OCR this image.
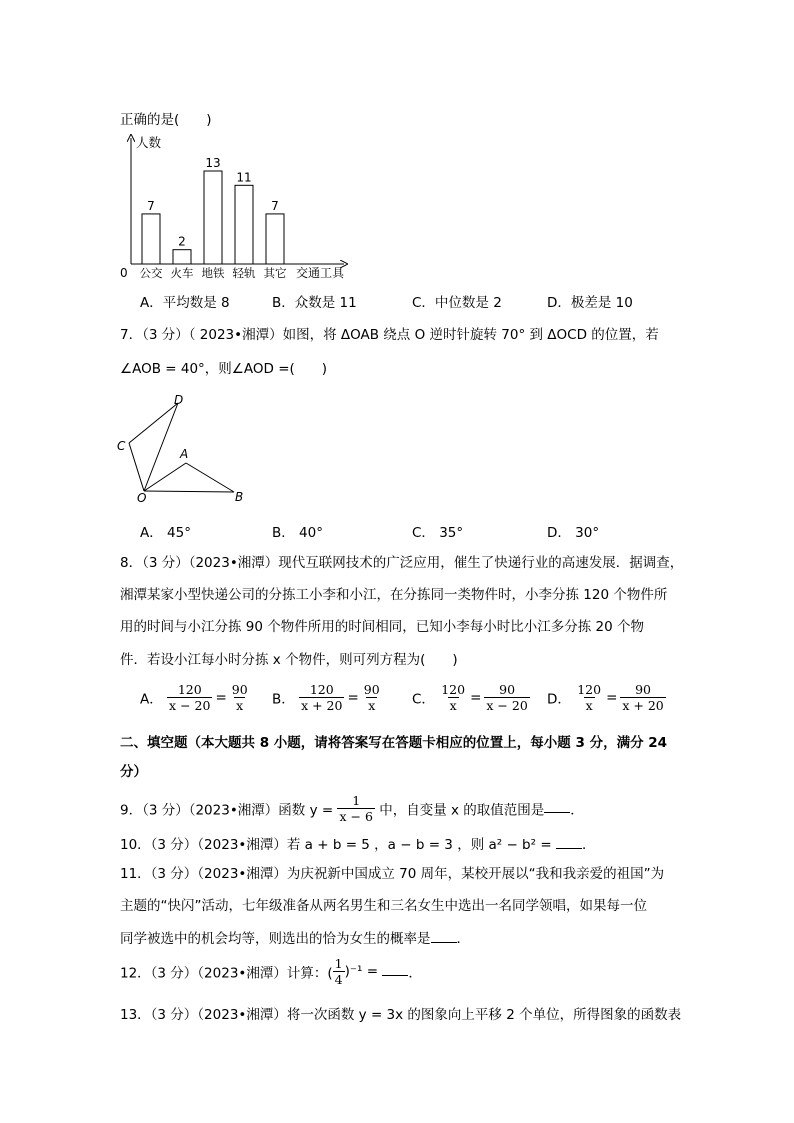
正确的是(　　)
人数
0	交通工具
7
公交
2
火车
13
地铁
11
轻轨
7
其它
A．平均数是 8	B．众数是 11	C．中位数是 2	D．极差是 10
7．（3 分）（ 2023•湘潭）如图，将 ΔOAB 绕点 O 逆时针旋转 70° 到 ΔOCD 的位置，若
∠AOB = 40°，则∠AOD =(　　)
D
C
A
O	B
A． 45°	B． 40°	C． 35°	D． 30°
8．（3 分）（2023•湘潭）现代互联网技术的广泛应用，催生了快递行业的高速发展．据调查，
湘潭某家小型快递公司的分拣工小李和小江，在分拣同一类物件时，小李分拣 120 个物件所
用的时间与小江分拣 90 个物件所用的时间相同，已知小李每小时比小江多分拣 20 个物
件．若设小江每小时分拣 x 个物件，则可列方程为(　　)
A． $\frac{120}{x - 20} = \frac{90}{x}$ B． $\frac{120}{x + 20} = \frac{90}{x}$ C． $\frac{120}{x} = \frac{90}{x - 20}$ D． $\frac{120}{x} = \frac{90}{x + 20}$
二、填空题（本大题共 8 小题，请将答案写在答题卡相应的位置上，每小题 3 分，满分 24
分）
9．（3 分）（2023•湘潭）函数 $y = \frac{1}{x - 6}$ 中，自变量 x 的取值范围是 ．
10．（3 分）（2023•湘潭）若 a + b = 5 ，a − b = 3 ，则 a² − b² = ．
11．（3 分）（2023•湘潭）为庆祝新中国成立 70 周年，某校开展以“我和我亲爱的祖国”为
主题的“快闪”活动，七年级准备从两名男生和三名女生中选出一名同学领唱，如果每一位
同学被选中的机会均等，则选出的恰为女生的概率是 ．
12．（3 分）（2023•湘潭）计算：( $\frac{1}{4} )^{-1}$ = ．
13．（3 分）（2023•湘潭）将一次函数 y = 3x 的图象向上平移 2 个单位，所得图象的函数表
